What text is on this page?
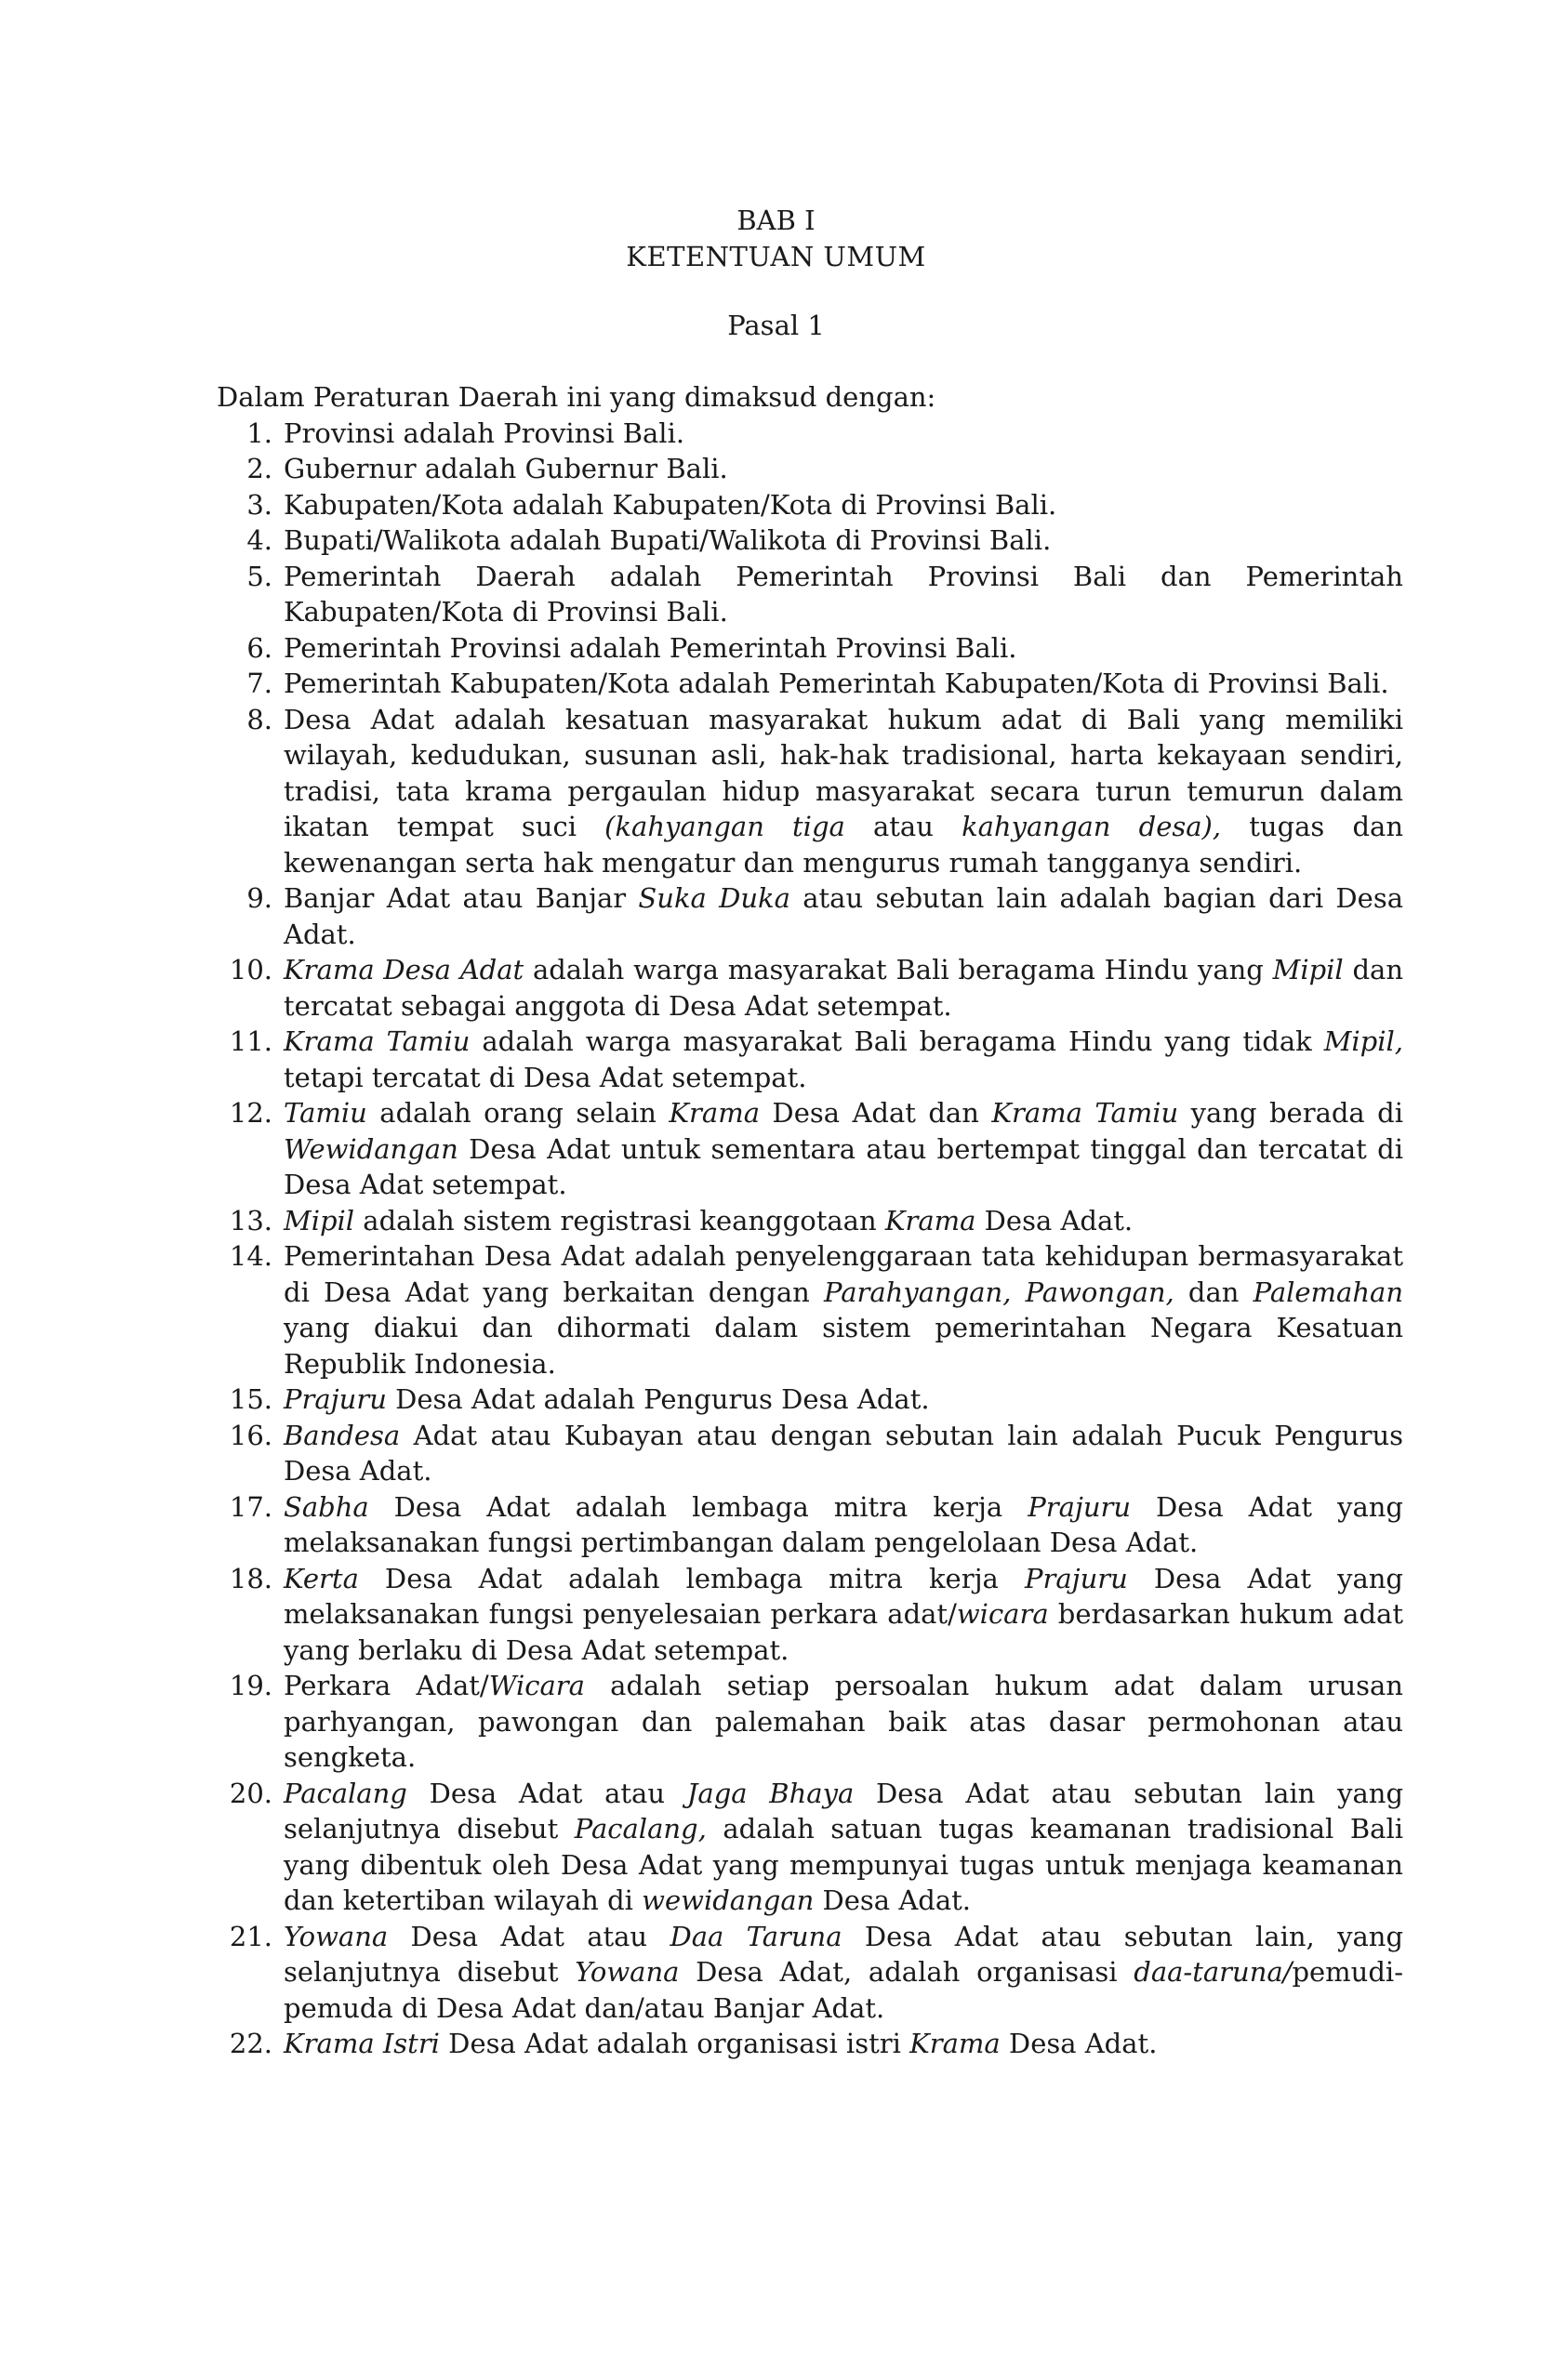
BAB I
KETENTUAN UMUM
Pasal 1
Dalam Peraturan Daerah ini yang dimaksud dengan:
1. Provinsi adalah Provinsi Bali.
2. Gubernur adalah Gubernur Bali.
3. Kabupaten/Kota adalah Kabupaten/Kota di Provinsi Bali.
4. Bupati/Walikota adalah Bupati/Walikota di Provinsi Bali.
5. Pemerintah Daerah adalah Pemerintah Provinsi Bali dan Pemerintah Kabupaten/Kota di Provinsi Bali.
6. Pemerintah Provinsi adalah Pemerintah Provinsi Bali.
7. Pemerintah Kabupaten/Kota adalah Pemerintah Kabupaten/Kota di Provinsi Bali.
8. Desa Adat adalah kesatuan masyarakat hukum adat di Bali yang memiliki wilayah, kedudukan, susunan asli, hak-hak tradisional, harta kekayaan sendiri, tradisi, tata krama pergaulan hidup masyarakat secara turun temurun dalam ikatan tempat suci (kahyangan tiga atau kahyangan desa), tugas dan kewenangan serta hak mengatur dan mengurus rumah tangganya sendiri.
9. Banjar Adat atau Banjar Suka Duka atau sebutan lain adalah bagian dari Desa Adat.
10. Krama Desa Adat adalah warga masyarakat Bali beragama Hindu yang Mipil dan tercatat sebagai anggota di Desa Adat setempat.
11. Krama Tamiu adalah warga masyarakat Bali beragama Hindu yang tidak Mipil, tetapi tercatat di Desa Adat setempat.
12. Tamiu adalah orang selain Krama Desa Adat dan Krama Tamiu yang berada di Wewidangan Desa Adat untuk sementara atau bertempat tinggal dan tercatat di Desa Adat setempat.
13. Mipil adalah sistem registrasi keanggotaan Krama Desa Adat.
14. Pemerintahan Desa Adat adalah penyelenggaraan tata kehidupan bermasyarakat di Desa Adat yang berkaitan dengan Parahyangan, Pawongan, dan Palemahan yang diakui dan dihormati dalam sistem pemerintahan Negara Kesatuan Republik Indonesia.
15. Prajuru Desa Adat adalah Pengurus Desa Adat.
16. Bandesa Adat atau Kubayan atau dengan sebutan lain adalah Pucuk Pengurus Desa Adat.
17. Sabha Desa Adat adalah lembaga mitra kerja Prajuru Desa Adat yang melaksanakan fungsi pertimbangan dalam pengelolaan Desa Adat.
18. Kerta Desa Adat adalah lembaga mitra kerja Prajuru Desa Adat yang melaksanakan fungsi penyelesaian perkara adat/wicara berdasarkan hukum adat yang berlaku di Desa Adat setempat.
19. Perkara Adat/Wicara adalah setiap persoalan hukum adat dalam urusan parhyangan, pawongan dan palemahan baik atas dasar permohonan atau sengketa.
20. Pacalang Desa Adat atau Jaga Bhaya Desa Adat atau sebutan lain yang selanjutnya disebut Pacalang, adalah satuan tugas keamanan tradisional Bali yang dibentuk oleh Desa Adat yang mempunyai tugas untuk menjaga keamanan dan ketertiban wilayah di wewidangan Desa Adat.
21. Yowana Desa Adat atau Daa Taruna Desa Adat atau sebutan lain, yang selanjutnya disebut Yowana Desa Adat, adalah organisasi daa-taruna/pemudi-pemuda di Desa Adat dan/atau Banjar Adat.
22. Krama Istri Desa Adat adalah organisasi istri Krama Desa Adat.
